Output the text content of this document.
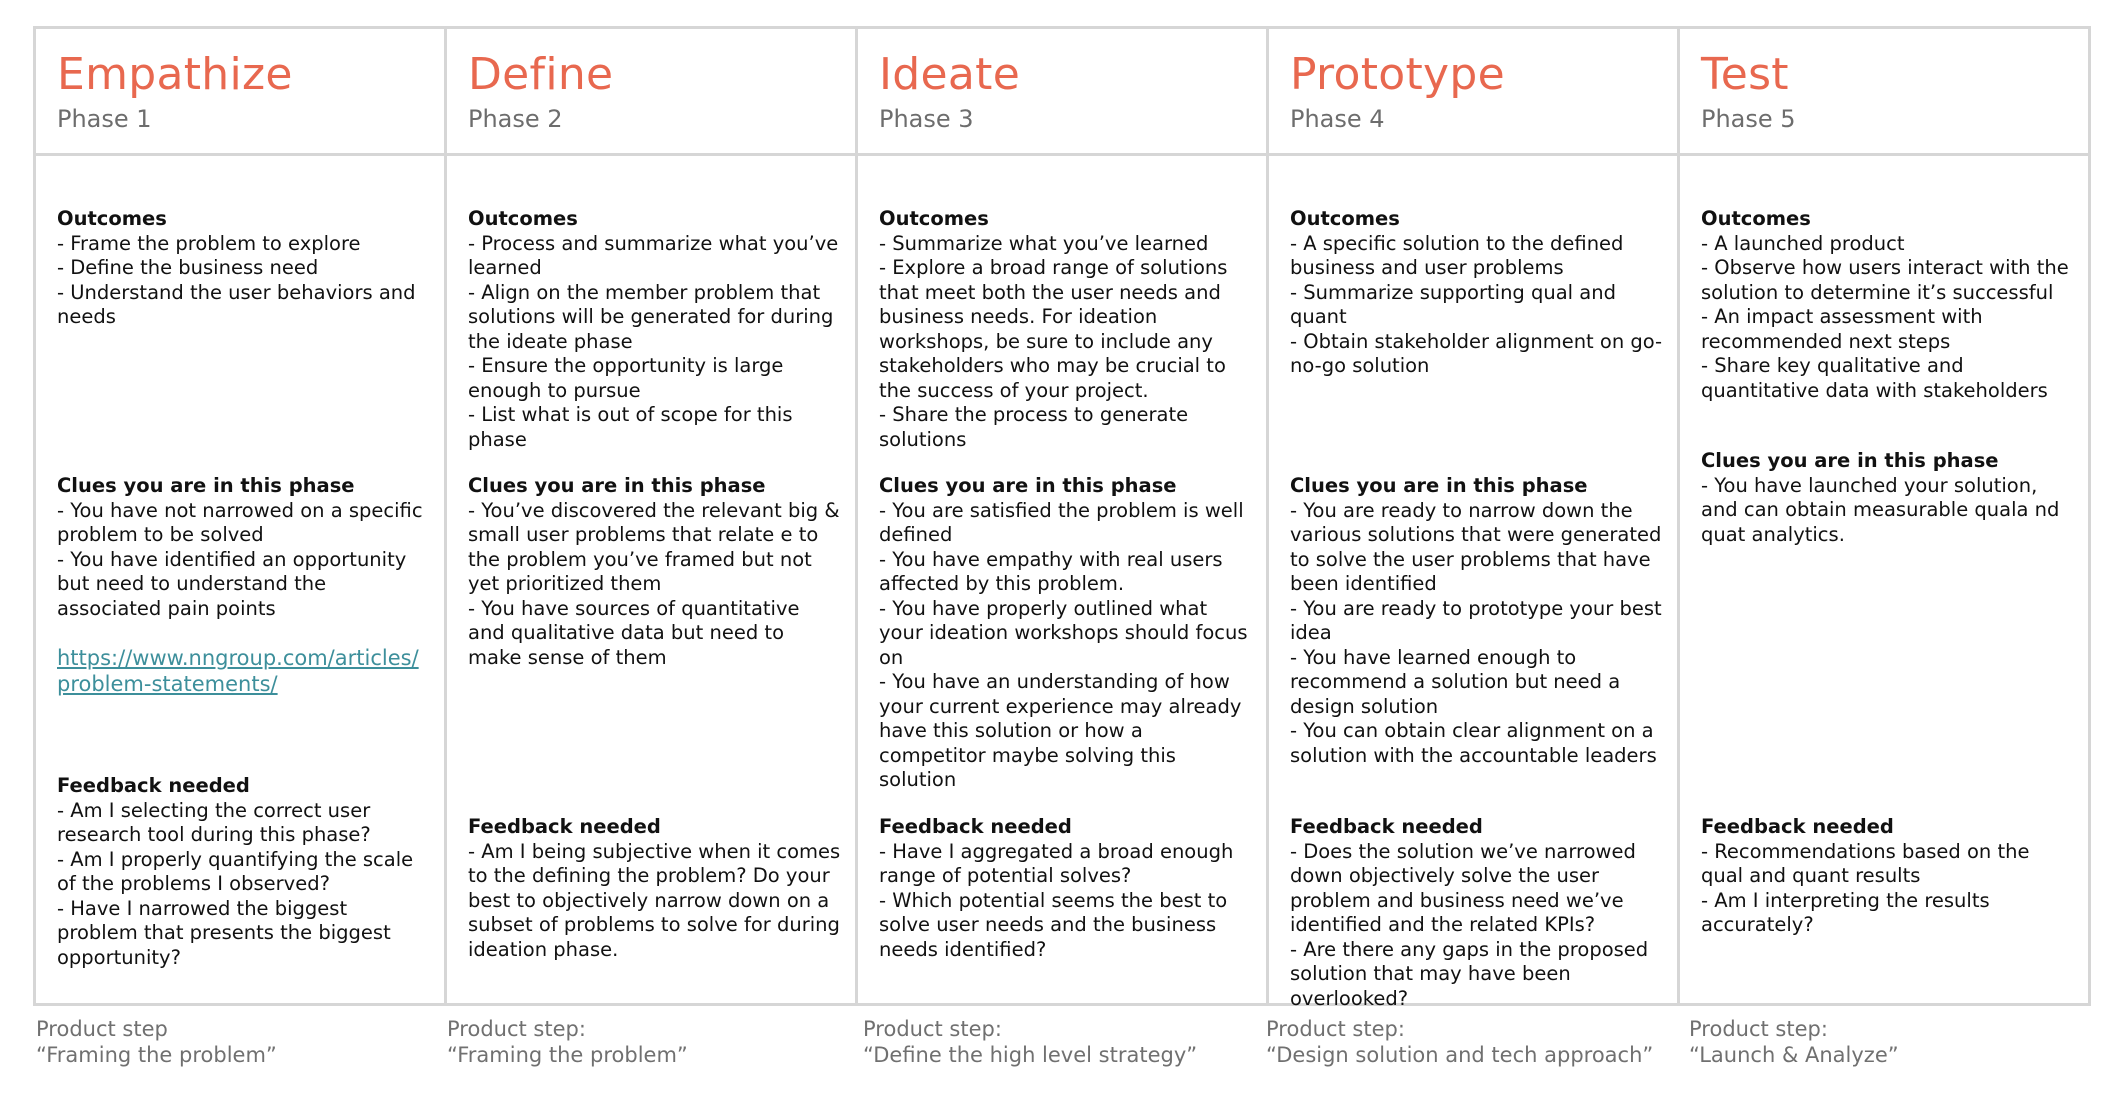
Empathize
Phase 1
Outcomes
- Frame the problem to explore
- Define the business need
- Understand the user behaviors and needs
Clues you are in this phase
- You have not narrowed on a specific problem to be solved
- You have identified an opportunity but need to understand the associated pain points
https://www.nngroup.com/articles/problem-statements/
Feedback needed
- Am I selecting the correct user research tool during this phase?
- Am I properly quantifying the scale of the problems I observed?
- Have I narrowed the biggest problem that presents the biggest opportunity?
Define
Phase 2
Outcomes
- Process and summarize what you’ve learned
- Align on the member problem that solutions will be generated for during the ideate phase
- Ensure the opportunity is large enough to pursue
- List what is out of scope for this phase
Clues you are in this phase
- You’ve discovered the relevant big & small user problems that relate e to the problem you’ve framed but not yet prioritized them
- You have sources of quantitative and qualitative data but need to make sense of them
Feedback needed
- Am I being subjective when it comes to the defining the problem? Do your best to objectively narrow down on a subset of problems to solve for during ideation phase.
Ideate
Phase 3
Outcomes
- Summarize what you’ve learned
- Explore a broad range of solutions that meet both the user needs and business needs. For ideation workshops, be sure to include any stakeholders who may be crucial to the success of your project.
- Share the process to generate solutions
Clues you are in this phase
- You are satisfied the problem is well defined
- You have empathy with real users affected by this problem.
- You have properly outlined what your ideation workshops should focus on
- You have an understanding of how your current experience may already have this solution or how a competitor maybe solving this solution
Feedback needed
- Have I aggregated a broad enough range of potential solves?
- Which potential seems the best to solve user needs and the business needs identified?
Prototype
Phase 4
Outcomes
- A specific solution to the defined business and user problems
- Summarize supporting qual and quant
- Obtain stakeholder alignment on go-no-go solution
Clues you are in this phase
- You are ready to narrow down the various solutions that were generated to solve the user problems that have been identified
- You are ready to prototype your best idea
- You have learned enough to recommend a solution but need a design solution
- You can obtain clear alignment on a solution with the accountable leaders
Feedback needed
- Does the solution we’ve narrowed down objectively solve the user problem and business need we’ve identified and the related KPIs?
- Are there any gaps in the proposed solution that may have been overlooked?
Test
Phase 5
Outcomes
- A launched product
- Observe how users interact with the solution to determine it’s successful
- An impact assessment with recommended next steps
- Share key qualitative and quantitative data with stakeholders
Clues you are in this phase
- You have launched your solution, and can obtain measurable quala nd quat analytics.
Feedback needed
- Recommendations based on the qual and quant results
- Am I interpreting the results accurately?
Product step
“Framing the problem”
Product step:
“Framing the problem”
Product step:
“Define the high level strategy”
Product step:
“Design solution and tech approach”
Product step:
“Launch & Analyze”
